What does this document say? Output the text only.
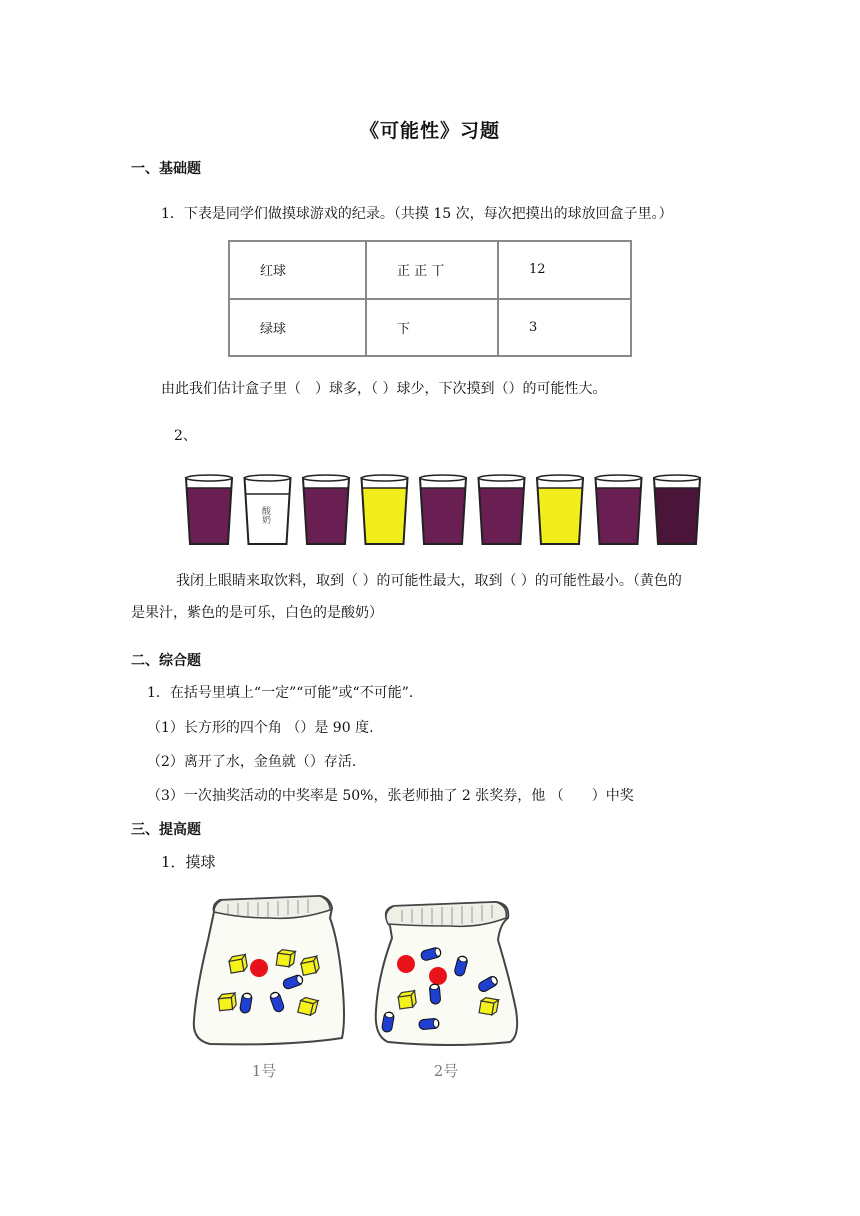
《可能性》习题
一、基础题
1．下表是同学们做摸球游戏的纪录。（共摸 15 次，每次把摸出的球放回盒子里。）
红球	正 正 丅	12
绿球	下	3
由此我们估计盒子里（　）球多，（ ）球少，下次摸到（）的可能性大。
2、
酸奶
我闭上眼睛来取饮料，取到（ ）的可能性最大，取到（ ）的可能性最小。（黄色的
是果汁，紫色的是可乐，白色的是酸奶）
二、综合题
1．在括号里填上“一定”“可能”或“不可能”.
（1）长方形的四个角 （）是 90 度.
（2）离开了水，金鱼就（）存活.
（3）一次抽奖活动的中奖率是 50%，张老师抽了 2 张奖券，他 （　　）中奖
三、提高题
1．摸球
1号	2号
